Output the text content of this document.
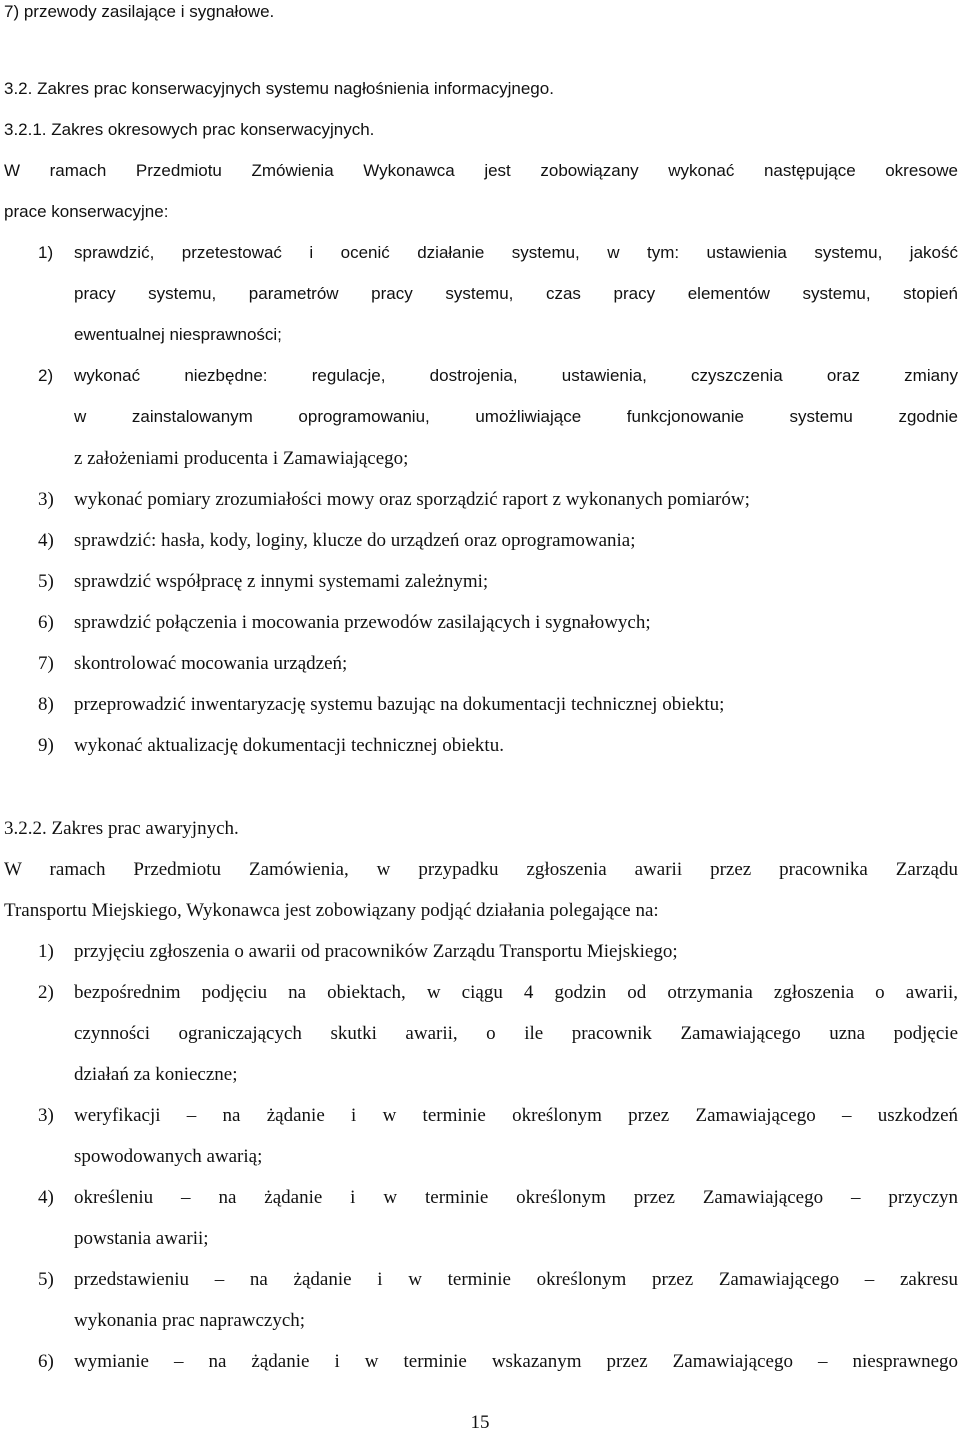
7) przewody zasilające i sygnałowe.
3.2. Zakres prac konserwacyjnych systemu nagłośnienia informacyjnego.
3.2.1. Zakres okresowych prac konserwacyjnych.
W ramach Przedmiotu Zmówienia Wykonawca jest zobowiązany wykonać następujące okresowe
prace konserwacyjne:
1) sprawdzić, przetestować i ocenić działanie systemu, w tym: ustawienia systemu, jakość
pracy systemu, parametrów pracy systemu, czas pracy elementów systemu, stopień
ewentualnej niesprawności;
2) wykonać niezbędne: regulacje, dostrojenia, ustawienia, czyszczenia oraz zmiany
w zainstalowanym oprogramowaniu, umożliwiające funkcjonowanie systemu zgodnie
z założeniami producenta i Zamawiającego;
3) wykonać pomiary zrozumiałości mowy oraz sporządzić raport z wykonanych pomiarów;
4) sprawdzić: hasła, kody, loginy, klucze do urządzeń oraz oprogramowania;
5) sprawdzić współpracę z innymi systemami zależnymi;
6) sprawdzić połączenia i mocowania przewodów zasilających i sygnałowych;
7) skontrolować mocowania urządzeń;
8) przeprowadzić inwentaryzację systemu bazując na dokumentacji technicznej obiektu;
9) wykonać aktualizację dokumentacji technicznej obiektu.
3.2.2. Zakres prac awaryjnych.
W ramach Przedmiotu Zamówienia, w przypadku zgłoszenia awarii przez pracownika Zarządu
Transportu Miejskiego, Wykonawca jest zobowiązany podjąć działania polegające na:
1) przyjęciu zgłoszenia o awarii od pracowników Zarządu Transportu Miejskiego;
2) bezpośrednim podjęciu na obiektach, w ciągu 4 godzin od otrzymania zgłoszenia o awarii,
czynności ograniczających skutki awarii, o ile pracownik Zamawiającego uzna podjęcie
działań za konieczne;
3) weryfikacji – na żądanie i w terminie określonym przez Zamawiającego – uszkodzeń
spowodowanych awarią;
4) określeniu – na żądanie i w terminie określonym przez Zamawiającego – przyczyn
powstania awarii;
5) przedstawieniu – na żądanie i w terminie określonym przez Zamawiającego – zakresu
wykonania prac naprawczych;
6) wymianie – na żądanie i w terminie wskazanym przez Zamawiającego – niesprawnego
15
